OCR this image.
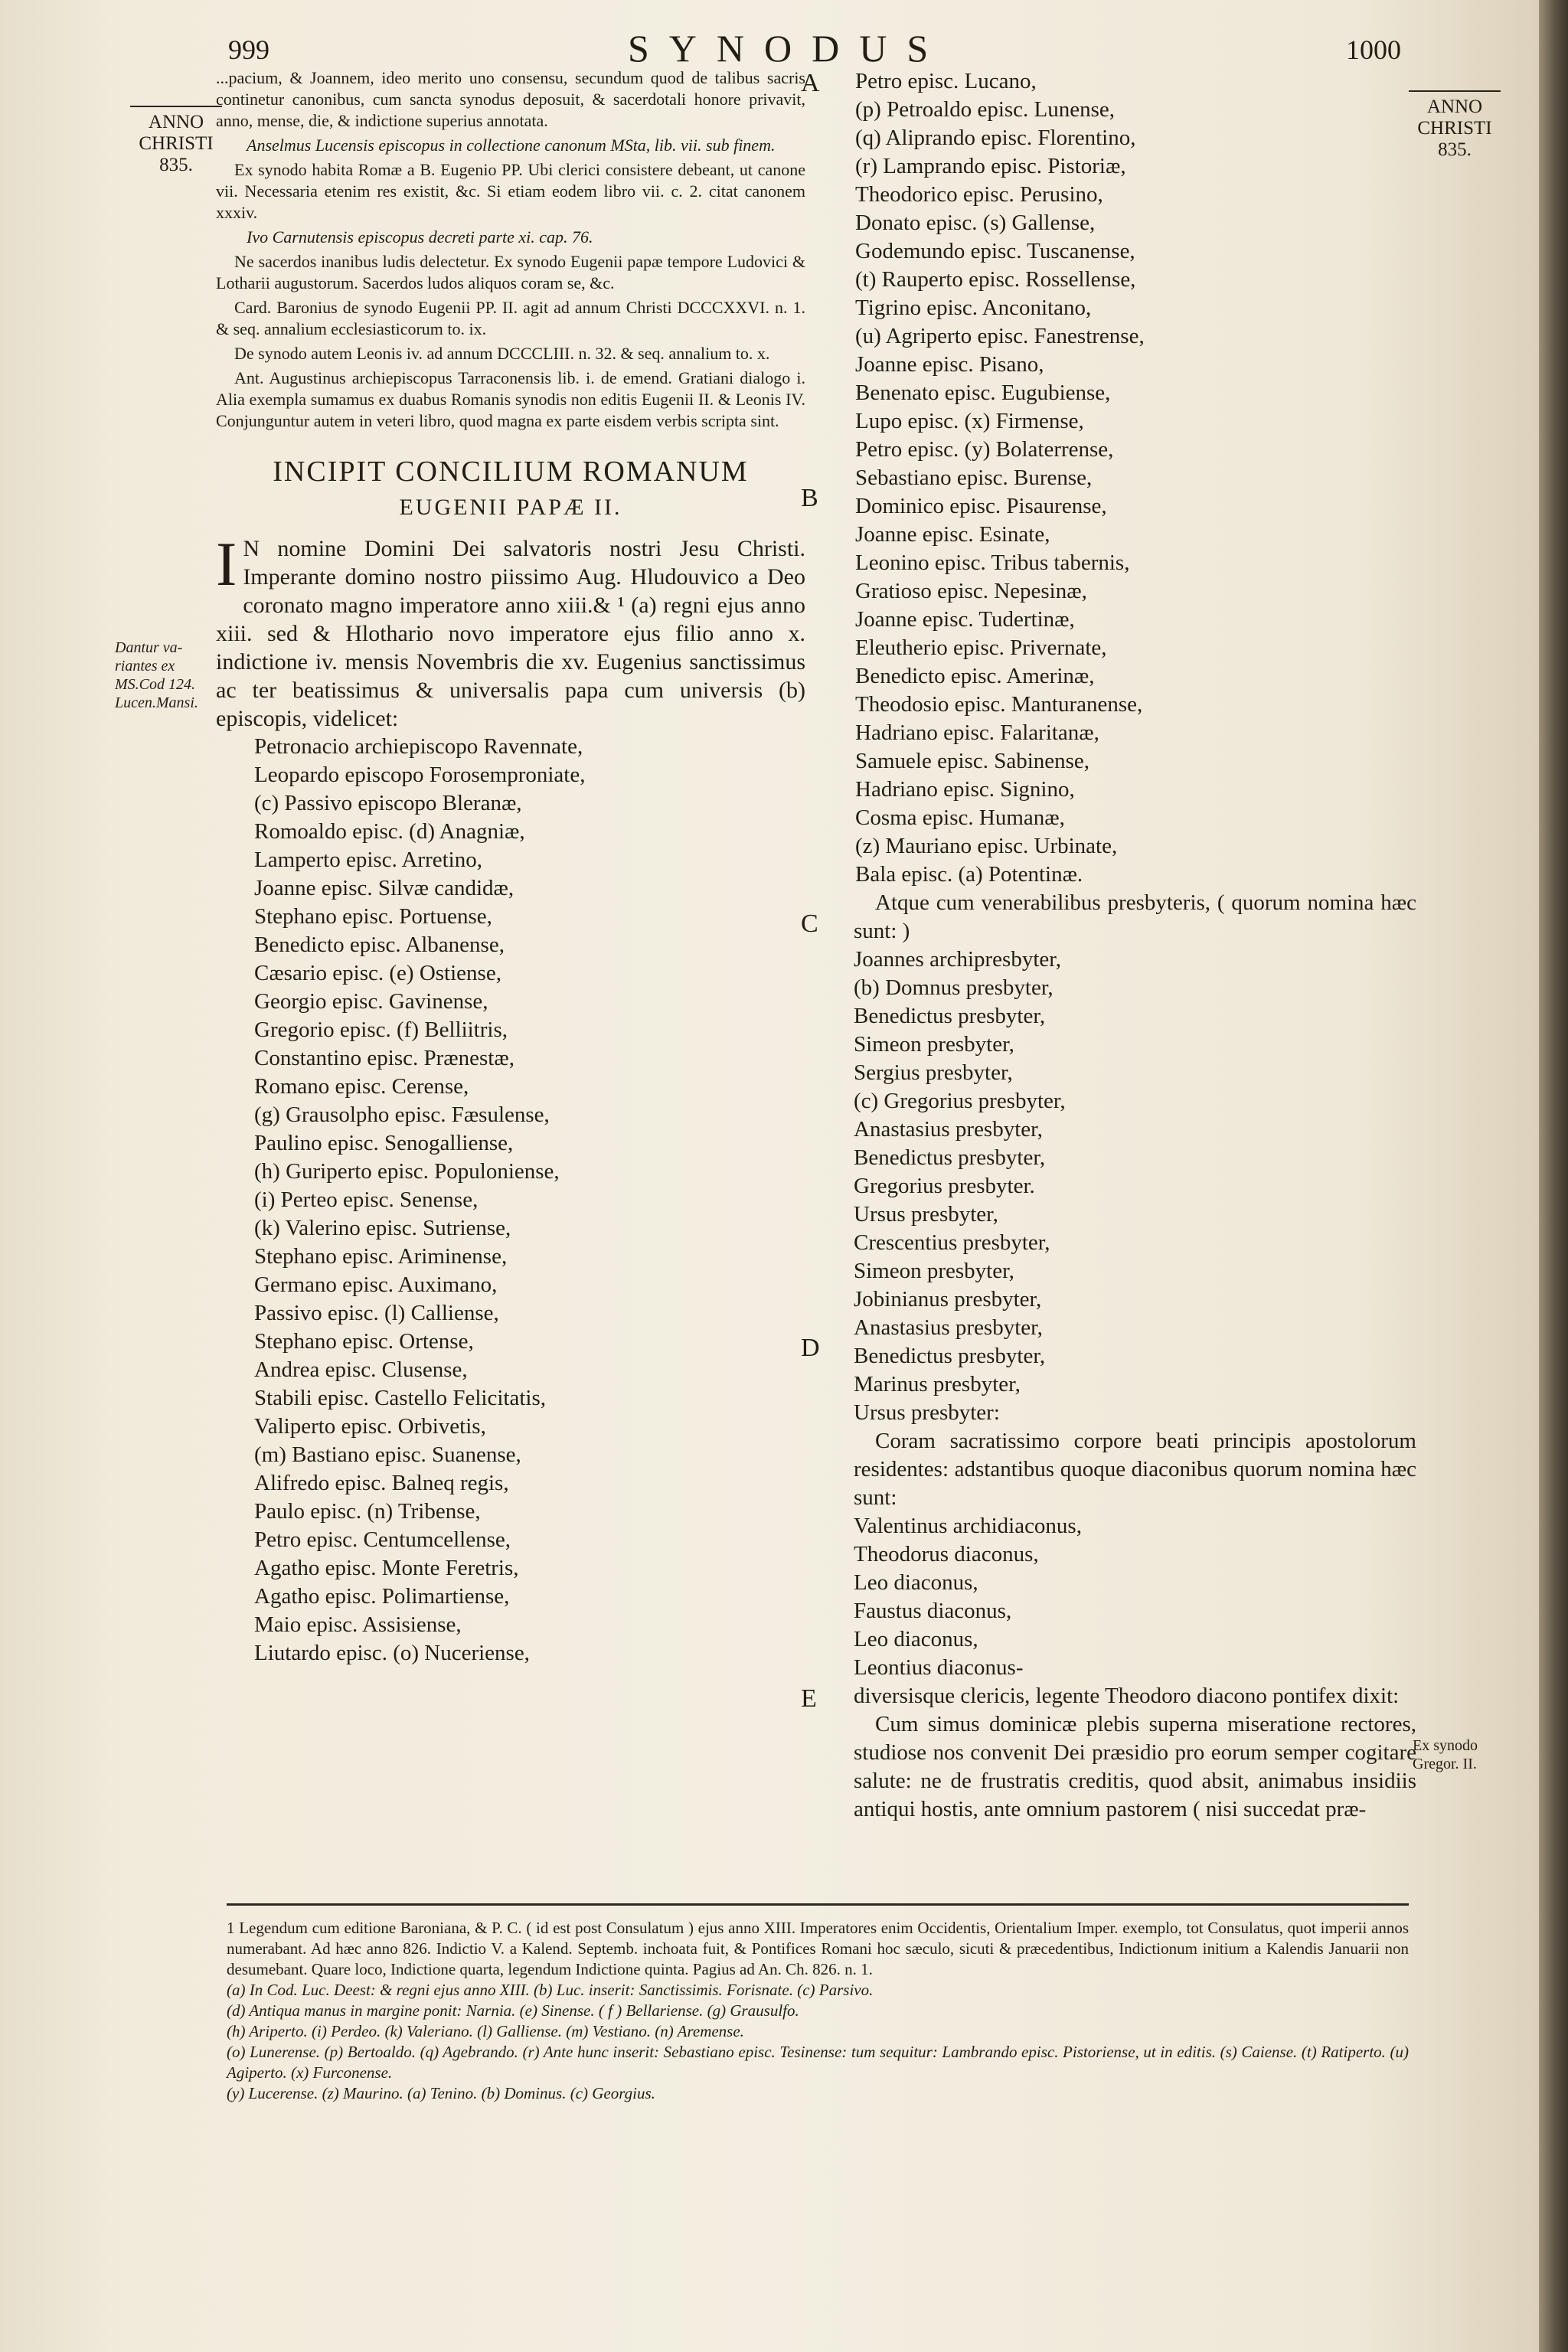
999	SYNODUS	1000
ANNO
CHRISTI
835.
ANNO
CHRISTI
835.
Dantur va-
riantes ex
MS.Cod 124.
Lucen.Mansi.
Ex synodo
Gregor. II.
A
B
C
D
E

...pacium, & Joannem, ideo merito uno consensu, secundum quod de talibus sacris continetur canonibus, cum sancta synodus deposuit, & sacerdotali honore privavit, anno, mense, die, & indictione superius annotata.

Anselmus Lucensis episcopus in collectione canonum MSta, lib. vii. sub finem.

Ex synodo habita Romæ a B. Eugenio PP. Ubi clerici consistere debeant, ut canone vii. Necessaria etenim res existit, &c. Si etiam eodem libro vii. c. 2. citat canonem xxxiv.

Ivo Carnutensis episcopus decreti parte xi. cap. 76.

Ne sacerdos inanibus ludis delectetur. Ex synodo Eugenii papæ tempore Ludovici & Lotharii augustorum. Sacerdos ludos aliquos coram se, &c.

Card. Baronius de synodo Eugenii PP. II. agit ad annum Christi DCCCXXVI. n. 1. & seq. annalium ecclesiasticorum to. ix.

De synodo autem Leonis iv. ad annum DCCCLIII. n. 32. & seq. annalium to. x.

Ant. Augustinus archiepiscopus Tarraconensis lib. i. de emend. Gratiani dialogo i. Alia exempla sumamus ex duabus Romanis synodis non editis Eugenii II. & Leonis IV. Conjunguntur autem in veteri libro, quod magna ex parte eisdem verbis scripta sint.

INCIPIT CONCILIUM ROMANUM
EUGENII PAPÆ II.
I N nomine Domini Dei salvatoris nostri Jesu Christi. Imperante domino nostro piissimo Aug. Hludouvico a Deo coronato magno imperatore anno xiii.& ¹ (a) regni ejus anno xiii. sed & Hlothario novo imperatore ejus filio anno x. indictione iv. mensis Novembris die xv. Eugenius sanctissimus ac ter beatissimus & universalis papa cum universis (b) episcopis, videlicet:
Petronacio archiepiscopo Ravennate,
Leopardo episcopo Forosemproniate,
(c) Passivo episcopo Bleranæ,
Romoaldo episc. (d) Anagniæ,
Lamperto episc. Arretino,
Joanne episc. Silvæ candidæ,
Stephano episc. Portuense,
Benedicto episc. Albanense,
Cæsario episc. (e) Ostiense,
Georgio episc. Gavinense,
Gregorio episc. (f) Belliitris,
Constantino episc. Prænestæ,
Romano episc. Cerense,
(g) Grausolpho episc. Fæsulense,
Paulino episc. Senogalliense,
(h) Guriperto episc. Populoniense,
(i) Perteo episc. Senense,
(k) Valerino episc. Sutriense,
Stephano episc. Ariminense,
Germano episc. Auximano,
Passivo episc. (l) Calliense,
Stephano episc. Ortense,
Andrea episc. Clusense,
Stabili episc. Castello Felicitatis,
Valiperto episc. Orbivetis,
(m) Bastiano episc. Suanense,
Alifredo episc. Balneq regis,
Paulo episc. (n) Tribense,
Petro episc. Centumcellense,
Agatho episc. Monte Feretris,
Agatho episc. Polimartiense,
Maio episc. Assisiense,
Liutardo episc. (o) Nuceriense,
Petro episc. Lucano,
(p) Petroaldo episc. Lunense,
(q) Aliprando episc. Florentino,
(r) Lamprando episc. Pistoriæ,
Theodorico episc. Perusino,
Donato episc. (s) Gallense,
Godemundo episc. Tuscanense,
(t) Rauperto episc. Rossellense,
Tigrino episc. Anconitano,
(u) Agriperto episc. Fanestrense,
Joanne episc. Pisano,
Benenato episc. Eugubiense,
Lupo episc. (x) Firmense,
Petro episc. (y) Bolaterrense,
Sebastiano episc. Burense,
Dominico episc. Pisaurense,
Joanne episc. Esinate,
Leonino episc. Tribus tabernis,
Gratioso episc. Nepesinæ,
Joanne episc. Tudertinæ,
Eleutherio episc. Privernate,
Benedicto episc. Amerinæ,
Theodosio episc. Manturanense,
Hadriano episc. Falaritanæ,
Samuele episc. Sabinense,
Hadriano episc. Signino,
Cosma episc. Humanæ,
(z) Mauriano episc. Urbinate,
Bala episc. (a) Potentinæ.
Atque cum venerabilibus presbyteris, ( quorum nomina hæc sunt: )
Joannes archipresbyter,
(b) Domnus presbyter,
Benedictus presbyter,
Simeon presbyter,
Sergius presbyter,
(c) Gregorius presbyter,
Anastasius presbyter,
Benedictus presbyter,
Gregorius presbyter.
Ursus presbyter,
Crescentius presbyter,
Simeon presbyter,
Jobinianus presbyter,
Anastasius presbyter,
Benedictus presbyter,
Marinus presbyter,
Ursus presbyter:
Coram sacratissimo corpore beati principis apostolorum residentes: adstantibus quoque diaconibus quorum nomina hæc sunt:
Valentinus archidiaconus,
Theodorus diaconus,
Leo diaconus,
Faustus diaconus,
Leo diaconus,
Leontius diaconus-
diversisque clericis, legente Theodoro diacono pontifex dixit:
Cum simus dominicæ plebis superna miseratione rectores, studiose nos convenit Dei præsidio pro eorum semper cogitare salute: ne de frustratis creditis, quod absit, animabus insidiis antiqui hostis, ante omnium pastorem ( nisi succedat præ-

1 Legendum cum editione Baroniana, & P. C. ( id est post Consulatum ) ejus anno XIII. Imperatores enim Occidentis, Orientalium Imper. exemplo, tot Consulatus, quot imperii annos numerabant. Ad hæc anno 826. Indictio V. a Kalend. Septemb. inchoata fuit, & Pontifices Romani hoc sæculo, sicuti & præcedentibus, Indictionum initium a Kalendis Januarii non desumebant. Quare loco, Indictione quarta, legendum Indictione quinta. Pagius ad An. Ch. 826. n. 1.

(a) In Cod. Luc. Deest: & regni ejus anno XIII. (b) Luc. inserit: Sanctissimis. Forisnate. (c) Parsivo.

(d) Antiqua manus in margine ponit: Narnia. (e) Sinense. ( f ) Bellariense. (g) Grausulfo.

(h) Ariperto. (i) Perdeo. (k) Valeriano. (l) Galliense. (m) Vestiano. (n) Aremense.

(o) Lunerense. (p) Bertoaldo. (q) Agebrando. (r) Ante hunc inserit: Sebastiano episc. Tesinense: tum sequitur: Lambrando episc. Pistoriense, ut in editis. (s) Caiense. (t) Ratiperto. (u) Agiperto. (x) Furconense.

(y) Lucerense. (z) Maurino. (a) Tenino. (b) Dominus. (c) Georgius.
